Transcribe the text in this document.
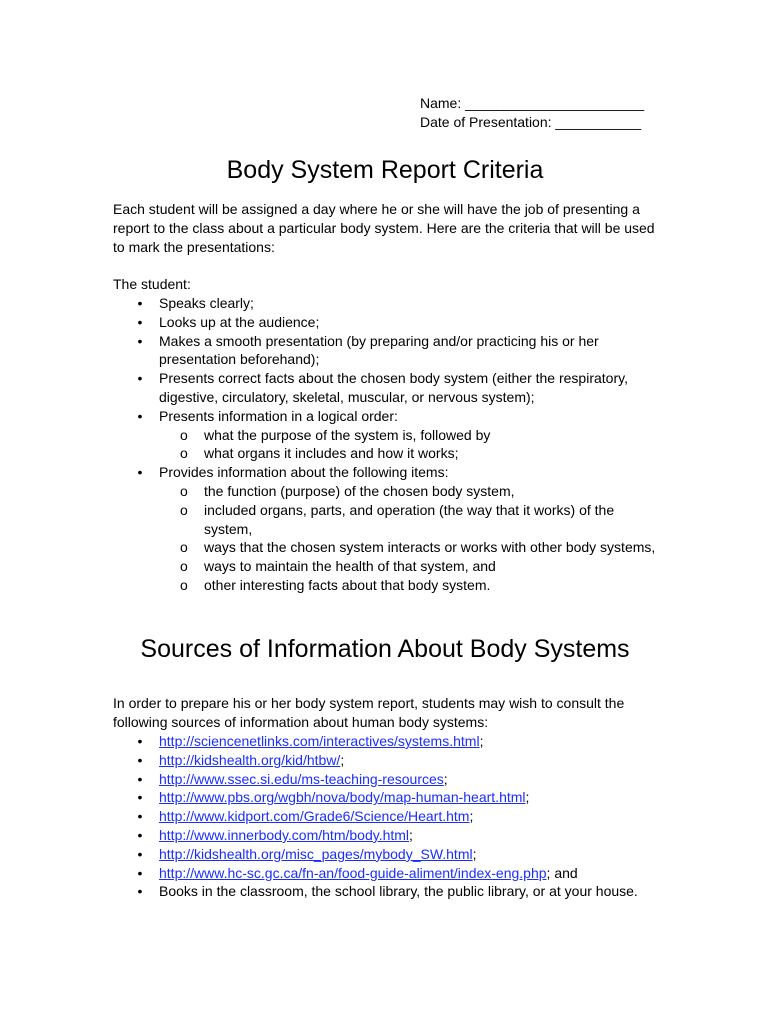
Name: _______________________
Date of Presentation: ___________
Body System Report Criteria
Each student will be assigned a day where he or she will have the job of presenting a report to the class about a particular body system. Here are the criteria that will be used to mark the presentations:
The student:
• Speaks clearly;
• Looks up at the audience;
• Makes a smooth presentation (by preparing and/or practicing his or her presentation beforehand);
• Presents correct facts about the chosen body system (either the respiratory, digestive, circulatory, skeletal, muscular, or nervous system);
• Presents information in a logical order:
o what the purpose of the system is, followed by
o what organs it includes and how it works;
• Provides information about the following items:
o the function (purpose) of the chosen body system,
o included organs, parts, and operation (the way that it works) of the system,
o ways that the chosen system interacts or works with other body systems,
o ways to maintain the health of that system, and
o other interesting facts about that body system.
Sources of Information About Body Systems
In order to prepare his or her body system report, students may wish to consult the following sources of information about human body systems:
• http://sciencenetlinks.com/interactives/systems.html;
• http://kidshealth.org/kid/htbw/;
• http://www.ssec.si.edu/ms-teaching-resources;
• http://www.pbs.org/wgbh/nova/body/map-human-heart.html;
• http://www.kidport.com/Grade6/Science/Heart.htm;
• http://www.innerbody.com/htm/body.html;
• http://kidshealth.org/misc_pages/mybody_SW.html;
• http://www.hc-sc.gc.ca/fn-an/food-guide-aliment/index-eng.php; and
• Books in the classroom, the school library, the public library, or at your house.
